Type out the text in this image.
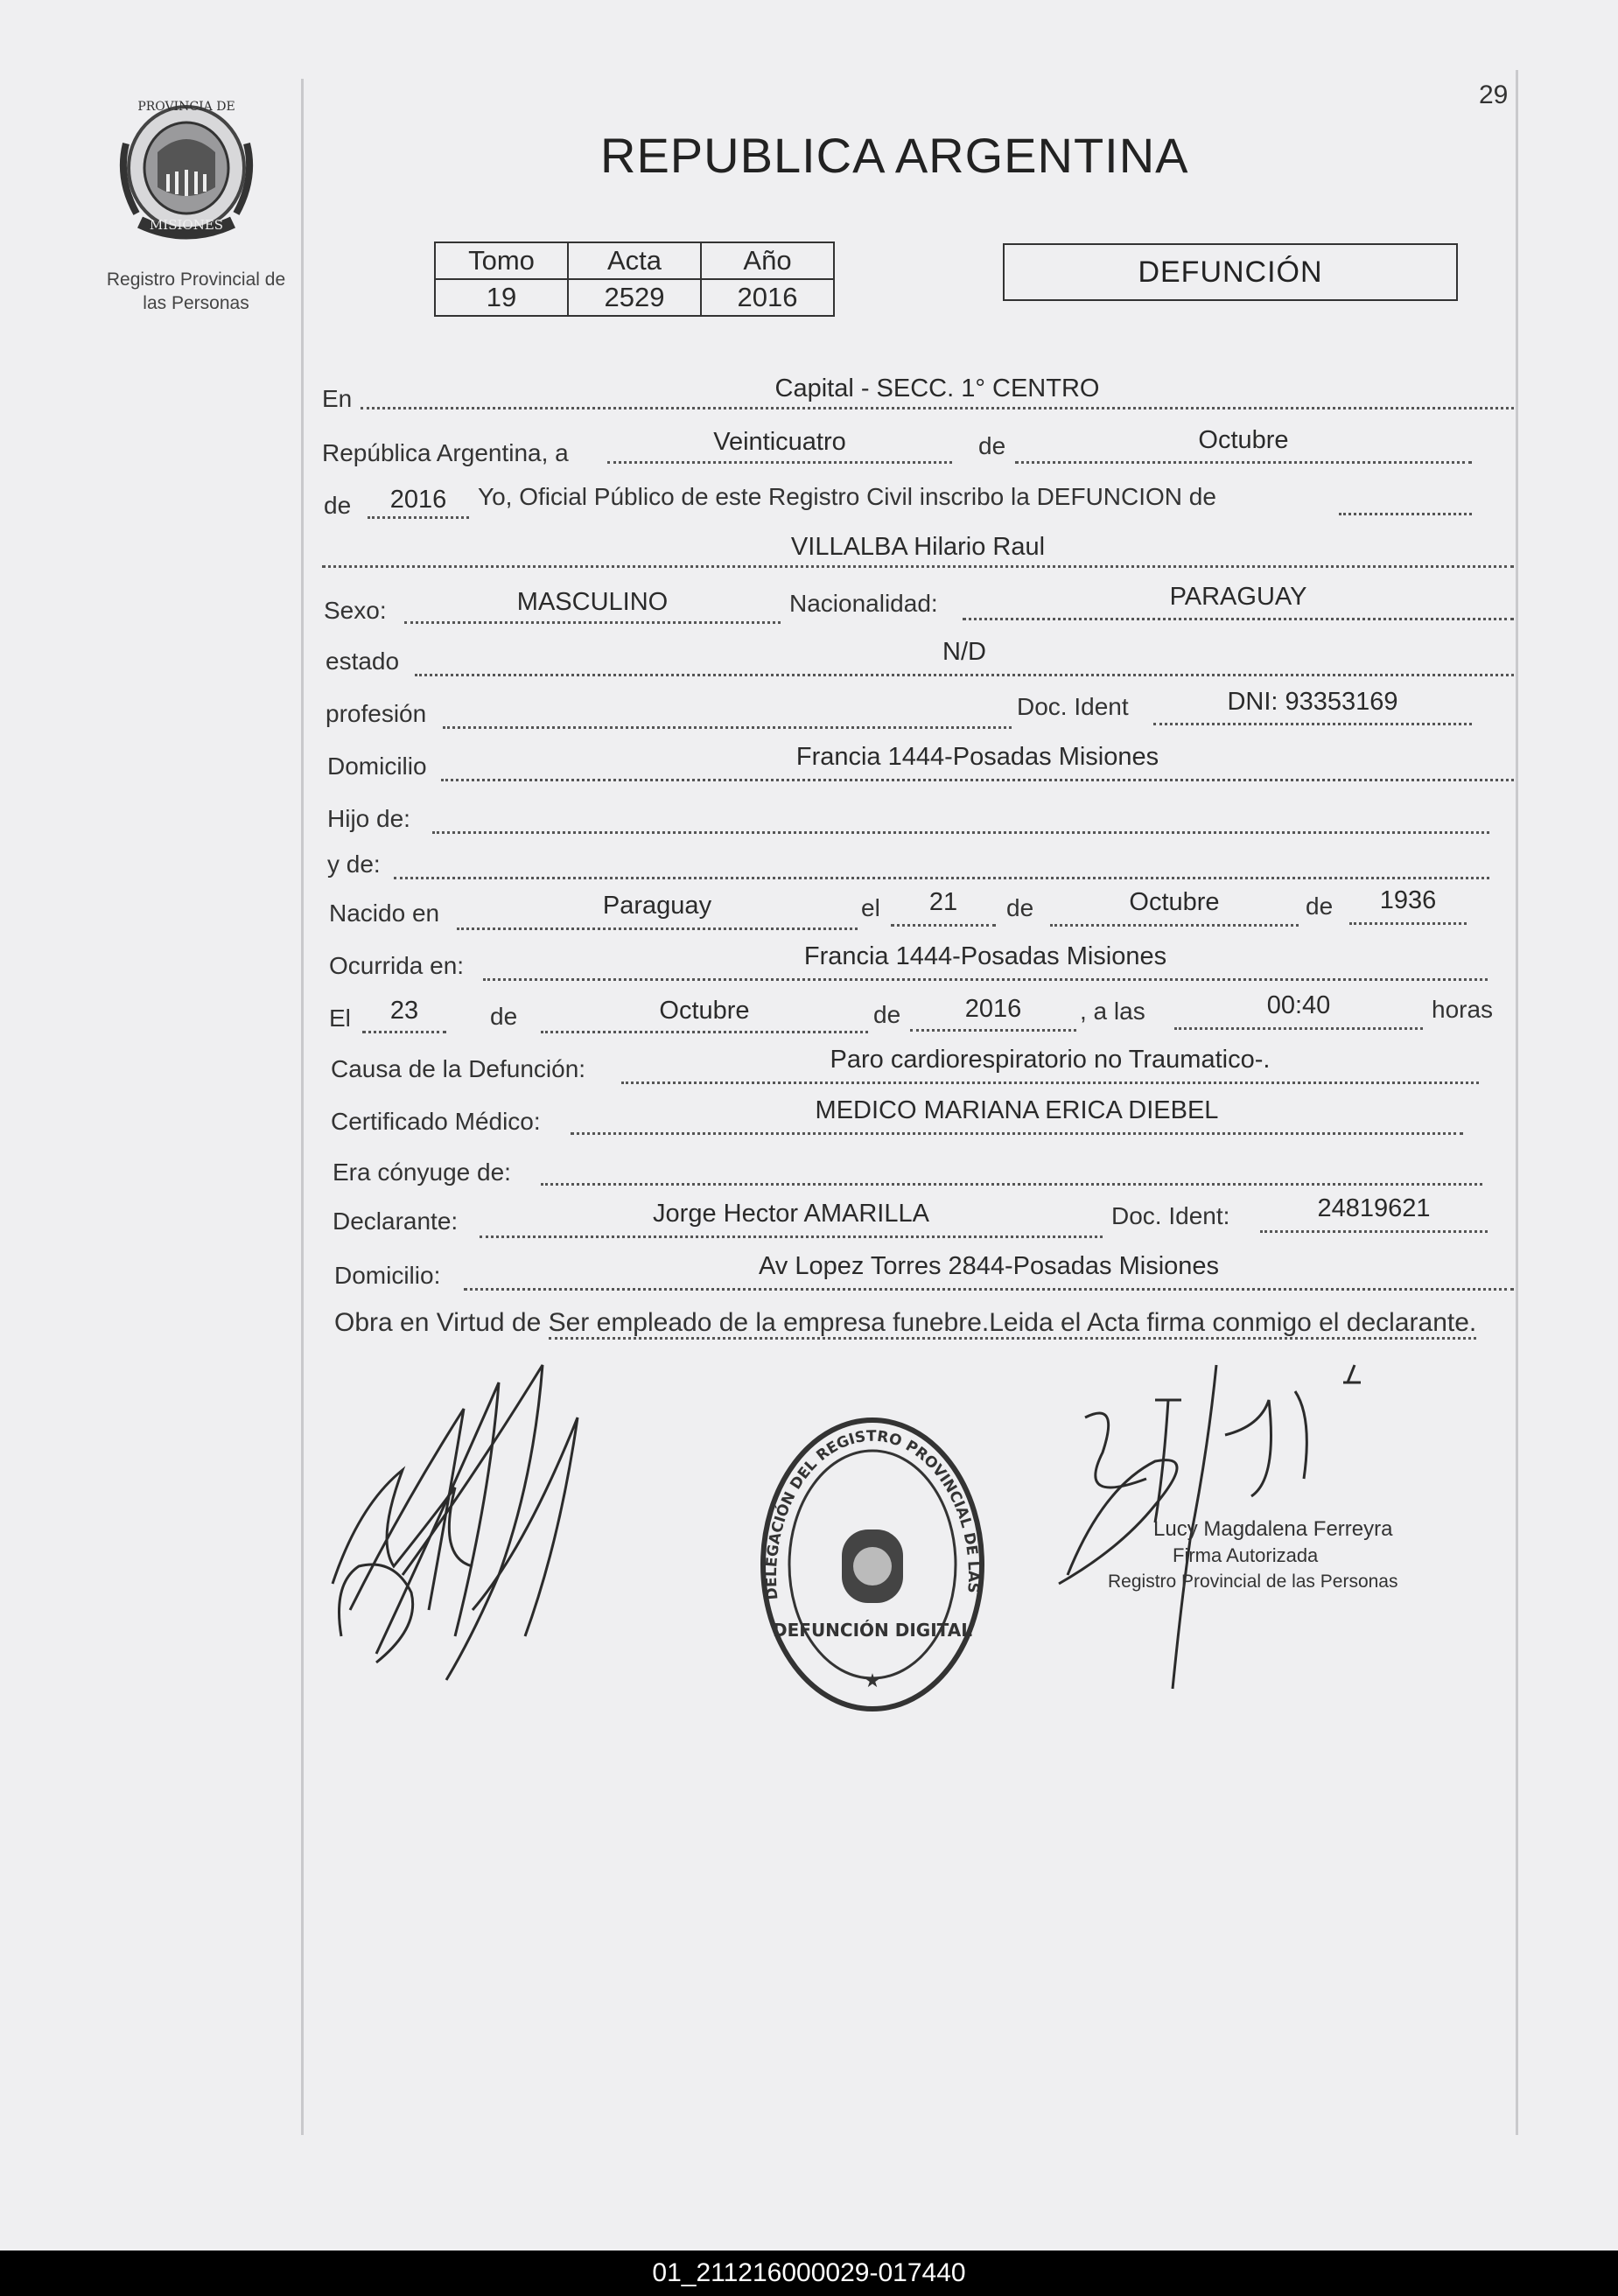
29
PROVINCIA DE
MISIONES
Registro Provincial de
las Personas
REPUBLICA ARGENTINA
Tomo	Acta	Año
19	2529	2016
DEFUNCIÓN
En	Capital - SECC. 1° CENTRO
República Argentina, a	Veinticuatro	de	Octubre
de	2016	Yo, Oficial Público de este Registro Civil inscribo la DEFUNCION de
VILLALBA Hilario Raul
Sexo:	MASCULINO	Nacionalidad:	PARAGUAY
estado	N/D
profesión	Doc. Ident	DNI: 93353169
Domicilio	Francia 1444-Posadas Misiones
Hijo de:
y de:
Nacido en	Paraguay	el	21	de	Octubre	de	1936
Ocurrida en:	Francia 1444-Posadas Misiones
El	23	de	Octubre	de	2016	, a las	00:40	horas
Causa de la Defunción:	Paro cardiorespiratorio no Traumatico-.
Certificado Médico:	MEDICO MARIANA ERICA DIEBEL
Era cónyuge de:
Declarante:	Jorge Hector AMARILLA	Doc. Ident:	24819621
Domicilio:	Av Lopez Torres 2844-Posadas Misiones
Obra en Virtud de Ser empleado de la empresa funebre.Leida el Acta firma conmigo el declarante.
DELEGACIÓN DEL REGISTRO PROVINCIAL DE LAS
DEFUNCIÓN DIGITAL
★
Lucy Magdalena Ferreyra
Firma Autorizada
Registro Provincial de las Personas
01_211216000029-017440
